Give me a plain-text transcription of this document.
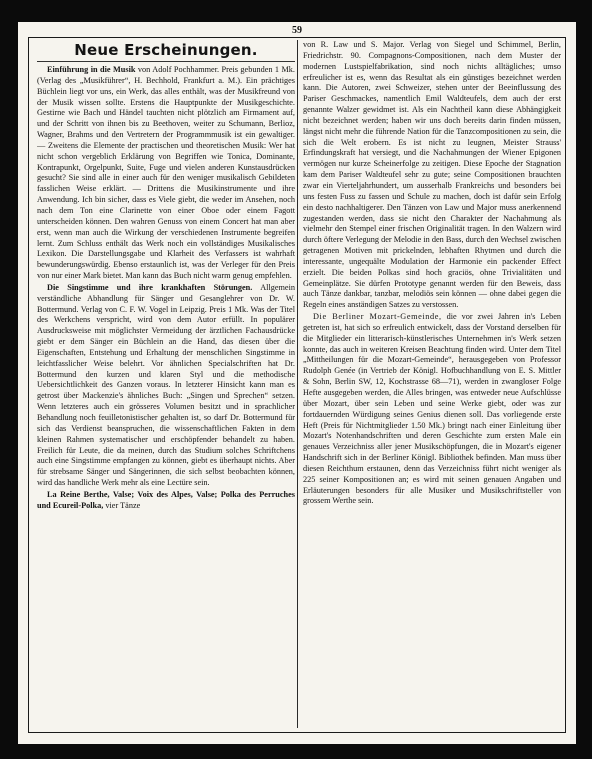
59
Neue Erscheinungen.

Einführung in die Musik von Adolf Pochhammer. Preis gebunden 1 Mk. (Verlag des „Musikführer“, H. Bechhold, Frankfurt a. M.). Ein prächtiges Büchlein liegt vor uns, ein Werk, das alles enthält, was der Musikfreund von der Musik wissen sollte. Erstens die Hauptpunkte der Musikgeschichte. Gestirne wie Bach und Händel tauchten nicht plötzlich am Firmament auf, und der Schritt von ihnen bis zu Beethoven, weiter zu Schumann, Berlioz, Wagner, Brahms und den Vertretern der Programmmusik ist ein gewaltiger. — Zweitens die Elemente der practischen und theoretischen Musik: Wer hat nicht schon vergeblich Erklärung von Begriffen wie Tonica, Dominante, Kontrapunkt, Orgelpunkt, Suite, Fuge und vielen anderen Kunstausdrücken gesucht? Sie sind alle in einer auch für den weniger musikalisch Gebildeten fasslichen Weise erklärt. — Drittens die Musikinstrumente und ihre Anwendung. Ich bin sicher, dass es Viele giebt, die weder im Ansehen, noch nach dem Ton eine Clarinette von einer Oboe oder einem Fagott unterscheiden können. Den wahren Genuss von einem Concert hat man aber erst, wenn man auch die Wirkung der verschiedenen Instrumente begreifen lernt. Zum Schluss enthält das Werk noch ein vollständiges Musikalisches Lexikon. Die Darstellungsgabe und Klarheit des Verfassers ist wahrhaft bewunderungswürdig. Ebenso erstaunlich ist, was der Verleger für den Preis von nur einer Mark bietet. Man kann das Buch nicht warm genug empfehlen.

Die Singstimme und ihre krankhaften Störungen. Allgemein verständliche Abhandlung für Sänger und Gesanglehrer von Dr. W. Bottermund. Verlag von C. F. W. Vogel in Leipzig. Preis 1 Mk. Was der Titel des Werkchens verspricht, wird von dem Autor erfüllt. In populärer Ausdrucksweise mit möglichster Vermeidung der ärztlichen Fachausdrücke giebt er dem Sänger ein Büchlein an die Hand, das diesen über die Eigenschaften, Entstehung und Erhaltung der menschlichen Singstimme in leichtfasslicher Weise belehrt. Vor ähnlichen Specialschriften hat Dr. Bottermund den kurzen und klaren Styl und die methodische Uebersichtlichkeit des Ganzen voraus. In letzterer Hinsicht kann man es getrost über Mackenzie's ähnliches Buch: „Singen und Sprechen“ setzen. Wenn letzteres auch ein grösseres Volumen besitzt und in sprachlicher Behandlung noch feuilletonistischer gehalten ist, so darf Dr. Bottermund für sich das Verdienst beanspruchen, die wissenschaftlichen Fakten in dem kleinen Rahmen systematischer und erschöpfender behandelt zu haben. Freilich für Leute, die da meinen, durch das Studium solches Schriftchens auch eine Singstimme empfangen zu können, giebt es überhaupt nichts. Aber für strebsame Sänger und Sängerinnen, die sich selbst beobachten können, wird das handliche Werk mehr als eine Lectüre sein.

La Reine Berthe, Valse; Voix des Alpes, Valse; Polka des Perruches und Ecureil-Polka, vier Tänze

von R. Law und S. Major. Verlag von Siegel und Schimmel, Berlin, Friedrichstr. 90. Compagnons-Compositionen, nach dem Muster der modernen Lustspielfabrikation, sind noch nichts alltägliches; umso erfreulicher ist es, wenn das Resultat als ein günstiges bezeichnet werden kann. Die Autoren, zwei Schweizer, stehen unter der Beeinflussung des Pariser Geschmackes, namentlich Emil Waldteufels, dem auch der erst genannte Walzer gewidmet ist. Als ein Nachtheil kann diese Abhängigkeit nicht bezeichnet werden; haben wir uns doch bereits darin finden müssen, längst nicht mehr die führende Nation für die Tanzcompositionen zu sein, die sich die Welt erobern. Es ist nicht zu leugnen, Meister Strauss' Erfindungskraft hat versiegt, und die Nachahmungen der Wiener Epigonen vermögen nur kurze Scheinerfolge zu zeitigen. Diese Epoche der Stagnation kam dem Pariser Waldteufel sehr zu gute; seine Compositionen brauchten zwar ein Vierteljahrhundert, um ausserhalb Frankreichs und besonders bei uns festen Fuss zu fassen und Schule zu machen, doch ist dafür sein Erfolg ein desto nachhaltigerer. Den Tänzen von Law und Major muss anerkennend zugestanden werden, dass sie nicht den Charakter der Nachahmung als vielmehr den Stempel einer frischen Originalität tragen. In den Walzern wird durch öftere Verlegung der Melodie in den Bass, durch den Wechsel zwischen getragenen Motiven mit prickelnden, lebhaften Rhytmen und durch die interessante, ungequälte Modulation der Harmonie ein packender Effect erzielt. Die beiden Polkas sind hoch graciös, ohne Trivialitäten und Gemeinplätze. Sie dürfen Prototype genannt werden für den Beweis, dass auch Tänze dankbar, tanzbar, melodiös sein können — ohne dabei gegen die Regeln eines anständigen Satzes zu verstossen.

Die Berliner Mozart-Gemeinde, die vor zwei Jahren in's Leben getreten ist, hat sich so erfreulich entwickelt, dass der Vorstand derselben für die Mitglieder ein litterarisch-künstlerisches Unternehmen in's Werk setzen konnte, das auch in weiteren Kreisen Beachtung finden wird. Unter dem Titel „Mittheilungen für die Mozart-Gemeinde“, herausgegeben von Professor Rudolph Genée (in Vertrieb der Königl. Hofbuchhandlung von E. S. Mittler & Sohn, Berlin SW, 12, Kochstrasse 68—71), werden in zwangloser Folge Hefte ausgegeben werden, die Alles bringen, was entweder neue Aufschlüsse über Mozart, über sein Leben und seine Werke giebt, oder was zur fortdauernden Würdigung seines Genius dienen soll. Das vorliegende erste Heft (Preis für Nichtmitglieder 1.50 Mk.) bringt nach einer Einleitung über Mozart's Notenhandschriften und deren Geschichte zum ersten Male ein genaues Verzeichniss aller jener Musikschöpfungen, die in Mozart's eigener Handschrift sich in der Berliner Königl. Bibliothek befinden. Man muss über diesen Reichthum erstaunen, denn das Verzeichniss führt nicht weniger als 225 seiner Kompositionen an; es wird mit seinen genauen Angaben und Erläuterungen besonders für alle Musiker und Musikschriftsteller von grossem Werthe sein.
